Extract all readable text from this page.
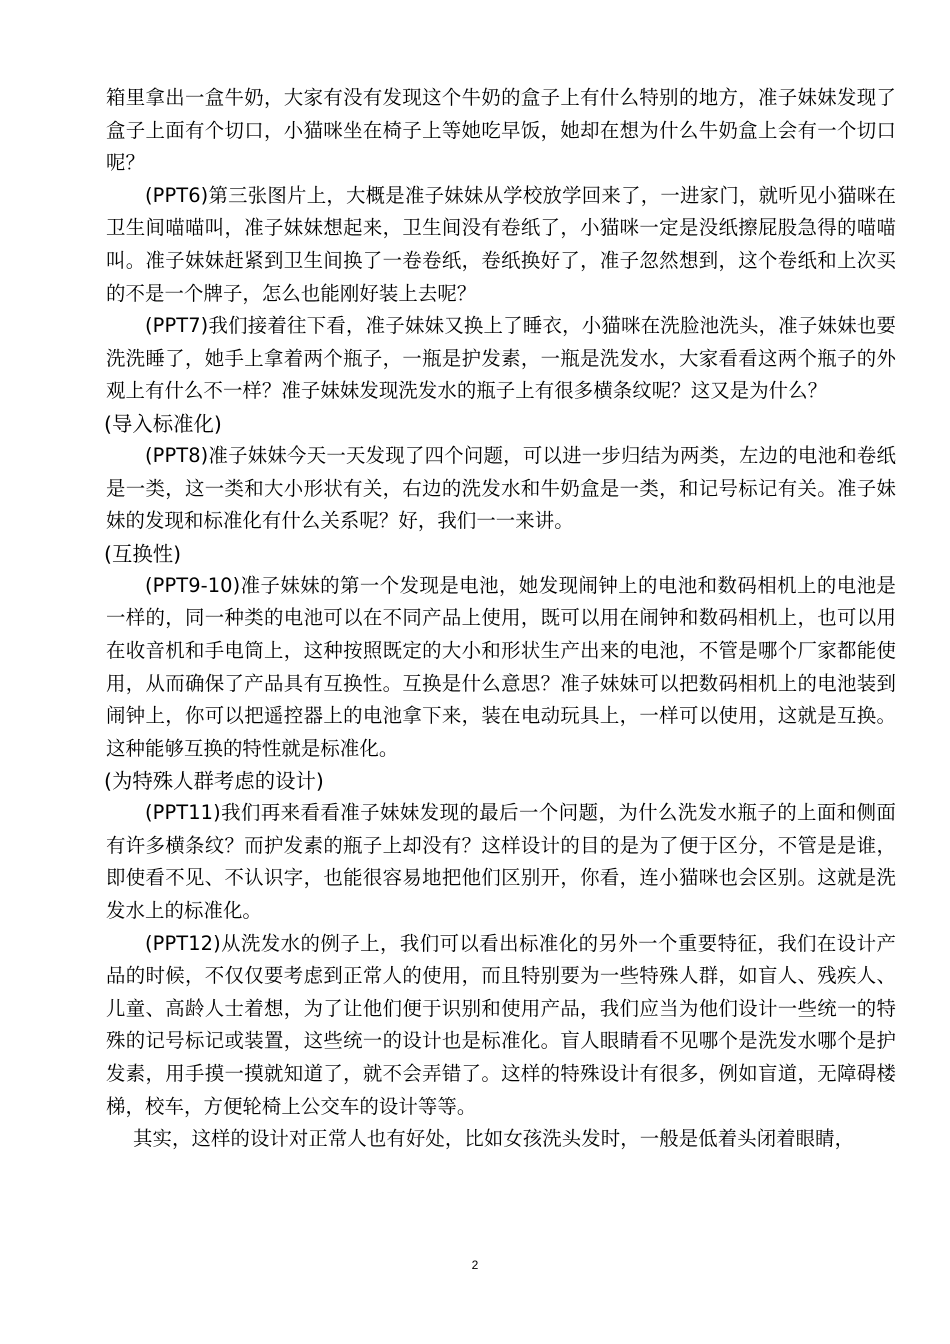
箱里拿出一盒牛奶，大家有没有发现这个牛奶的盒子上有什么特别的地方，准子妹妹发现了盒子上面有个切口，小猫咪坐在椅子上等她吃早饭，她却在想为什么牛奶盒上会有一个切口呢？

(PPT6)第三张图片上，大概是准子妹妹从学校放学回来了，一进家门，就听见小猫咪在卫生间喵喵叫，准子妹妹想起来，卫生间没有卷纸了，小猫咪一定是没纸擦屁股急得的喵喵叫。准子妹妹赶紧到卫生间换了一卷卷纸，卷纸换好了，准子忽然想到，这个卷纸和上次买的不是一个牌子，怎么也能刚好装上去呢？

(PPT7)我们接着往下看，准子妹妹又换上了睡衣，小猫咪在洗脸池洗头，准子妹妹也要洗洗睡了，她手上拿着两个瓶子，一瓶是护发素，一瓶是洗发水，大家看看这两个瓶子的外观上有什么不一样？准子妹妹发现洗发水的瓶子上有很多横条纹呢？这又是为什么？

(导入标准化)

(PPT8)准子妹妹今天一天发现了四个问题，可以进一步归结为两类，左边的电池和卷纸是一类，这一类和大小形状有关，右边的洗发水和牛奶盒是一类，和记号标记有关。准子妹妹的发现和标准化有什么关系呢？好，我们一一来讲。

(互换性)

(PPT9-10)准子妹妹的第一个发现是电池，她发现闹钟上的电池和数码相机上的电池是一样的，同一种类的电池可以在不同产品上使用，既可以用在闹钟和数码相机上，也可以用在收音机和手电筒上，这种按照既定的大小和形状生产出来的电池，不管是哪个厂家都能使用，从而确保了产品具有互换性。互换是什么意思？准子妹妹可以把数码相机上的电池装到闹钟上，你可以把遥控器上的电池拿下来，装在电动玩具上，一样可以使用，这就是互换。这种能够互换的特性就是标准化。

(为特殊人群考虑的设计)

(PPT11)我们再来看看准子妹妹发现的最后一个问题，为什么洗发水瓶子的上面和侧面有许多横条纹？而护发素的瓶子上却没有？这样设计的目的是为了便于区分，不管是是谁，即使看不见、不认识字，也能很容易地把他们区别开，你看，连小猫咪也会区别。这就是洗发水上的标准化。

(PPT12)从洗发水的例子上，我们可以看出标准化的另外一个重要特征，我们在设计产品的时候，不仅仅要考虑到正常人的使用，而且特别要为一些特殊人群，如盲人、残疾人、儿童、高龄人士着想，为了让他们便于识别和使用产品，我们应当为他们设计一些统一的特殊的记号标记或装置，这些统一的设计也是标准化。盲人眼睛看不见哪个是洗发水哪个是护发素，用手摸一摸就知道了，就不会弄错了。这样的特殊设计有很多，例如盲道，无障碍楼梯，校车，方便轮椅上公交车的设计等等。

其实，这样的设计对正常人也有好处，比如女孩洗头发时，一般是低着头闭着眼睛，

2
